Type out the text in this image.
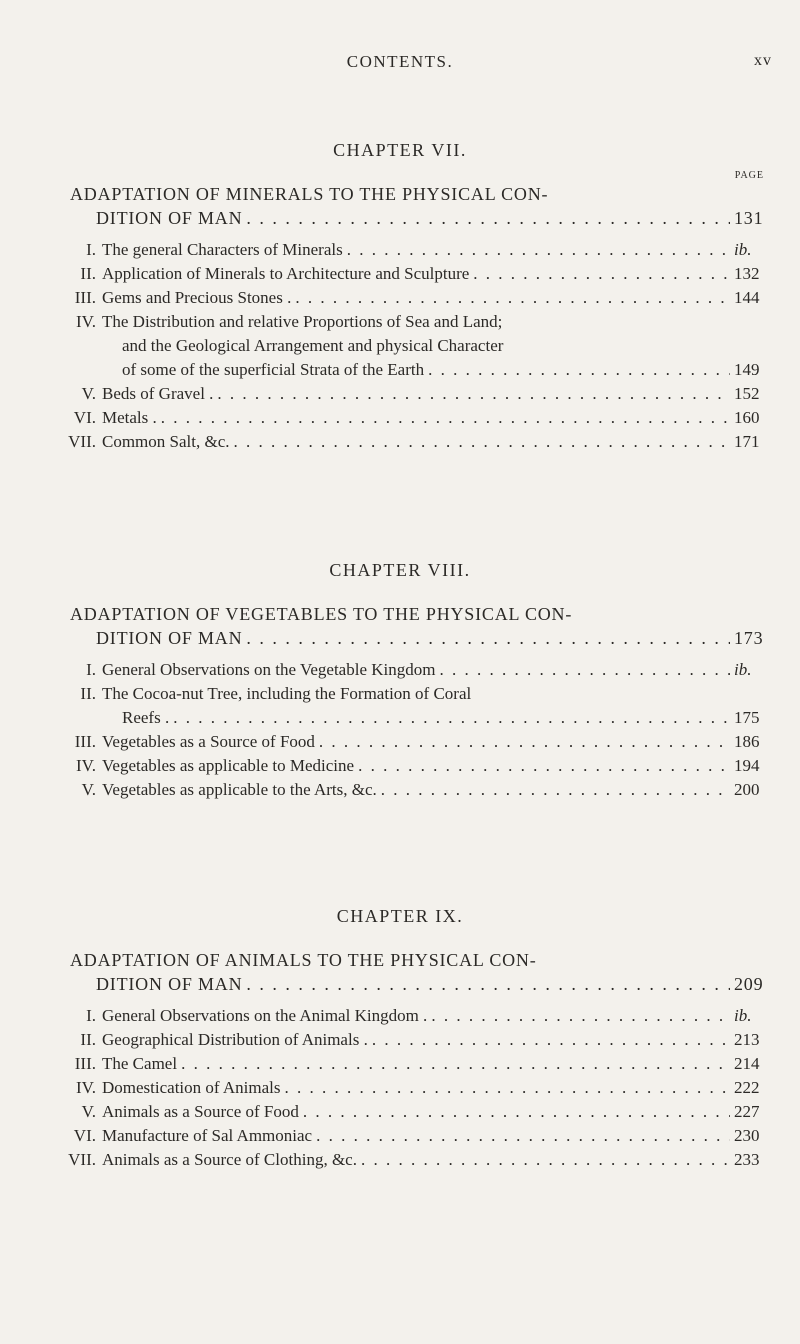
CONTENTS.	xv
CHAPTER VII.
PAGE
ADAPTATION OF MINERALS TO THE PHYSICAL CON-
DITION OF MAN . . .	131
I. The general Characters of Minerals . . .	ib.
II. Application of Minerals to Architecture and Sculpture . . .	132
III. Gems and Precious Stones . . . .	144
IV. The Distribution and relative Proportions of Sea and Land;
and the Geological Arrangement and physical Character
of some of the superficial Strata of the Earth . . .	149
V. Beds of Gravel . . . .	152
VI. Metals . . . .	160
VII. Common Salt, &c. . . .	171
CHAPTER VIII.
ADAPTATION OF VEGETABLES TO THE PHYSICAL CON-
DITION OF MAN . . .	173
I. General Observations on the Vegetable Kingdom . . .	ib.
II. The Cocoa-nut Tree, including the Formation of Coral
Reefs . . . .	175
III. Vegetables as a Source of Food . . .	186
IV. Vegetables as applicable to Medicine . . .	194
V. Vegetables as applicable to the Arts, &c. . . .	200
CHAPTER IX.
ADAPTATION OF ANIMALS TO THE PHYSICAL CON-
DITION OF MAN . . .	209
I. General Observations on the Animal Kingdom . . . .	ib.
II. Geographical Distribution of Animals . . . .	213
III. The Camel . . .	214
IV. Domestication of Animals . . .	222
V. Animals as a Source of Food . . .	227
VI. Manufacture of Sal Ammoniac . . .	230
VII. Animals as a Source of Clothing, &c. . . .	233
